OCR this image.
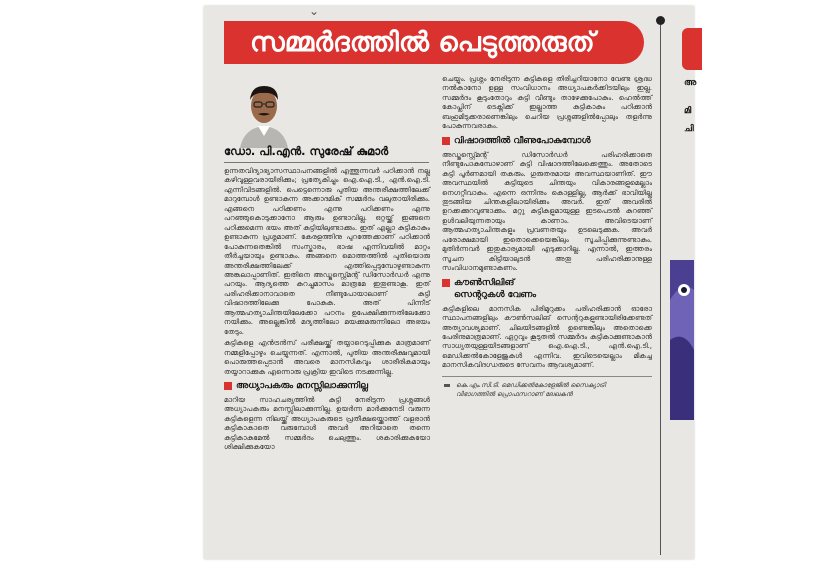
⌄
സമ്മർദത്തിൽ പെടുത്തരുത്
ഡോ. പി.എൻ. സുരേഷ് കുമാർ

ഉന്നതവിദ്യാഭ്യാസസ്ഥാപനങ്ങളിൽ എത്തുന്നവർ പഠിക്കാൻ നല്ല കഴിവുള്ളവരായിരിക്കും; പ്രത്യേകിച്ചും ഐ.ഐ.ടി., എൻ.ഐ.ടി. എന്നിവിടങ്ങളിൽ. പെട്ടെന്നൊരു പുതിയ അന്തരീക്ഷത്തിലേക്ക് മാറുമ്പോൾ ഉണ്ടാകുന്ന അക്കാദമിക് സമ്മർദം വലുതായിരിക്കും. എങ്ങനെ പഠിക്കണം എന്നു പഠിക്കണം എന്നു പറഞ്ഞുകൊടുക്കാനോ ആരും ഉണ്ടാവില്ല. ഒറ്റയ്ക്ക് ഇങ്ങനെ പഠിക്കുമെന്ന ഭയം അത് കുട്ടിയിലുണ്ടാക്കും. ഇത് എല്ലാ കുട്ടികാകും ഉണ്ടാകുന്ന പ്രശ്നമാണ്. കേരളത്തിനു പുറത്തേക്കാണ് പഠിക്കാൻ പോകുന്നതെങ്കിൽ സംസ്കാരം, ഭാഷ എന്നിവയിൽ മാറ്റം തീർച്ചയായും ഉണ്ടാകും. അങ്ങനെ മൊത്തത്തിൽ പുതിയൊരു അന്തരീക്ഷത്തിലേക്ക് എത്തിപ്പെടുമ്പോഴുണ്ടാകുന്ന അങ്കലാപ്പാണിത്. ഇതിനെ അഡ്ജസ്റ്റ്മെന്റ് ഡിസോർഡർ എന്നു പറയും. ആദ്യത്തെ കുറച്ചുമാസം മാത്രമേ ഇതുണ്ടാകൂ. ഇത് പരിഹരിക്കാനാവാതെ നീണ്ടുപോയാലാണ് കുട്ടി വിഷാദത്തിലേക്കു പോകുക. അത് പിന്നീട് ആത്മഹത്യാചിന്തയിലേക്കോ പഠനം ഉപേക്ഷിക്കുന്നതിലേക്കോ നയിക്കും. അല്ലെങ്കിൽ മദ്യത്തിലോ മയക്കുമരുന്നിലോ അഭയം തേടും.

കുട്ടികളെ എൻട്രൻസ് പരീക്ഷയ്ക്ക് തയ്യാറെടുപ്പിക്കുക മാത്രമാണ് നമ്മളിപ്പോഴും ചെയ്യുന്നത്. എന്നാൽ, പുതിയ അന്തരീക്ഷവുമായി പൊരുത്തപ്പെടാൻ അവരെ മാനസികവും ശാരീരികമായും തയ്യാറാക്കുക എന്നൊരു പ്രക്രിയ ഇവിടെ നടക്കുന്നില്ല.

അധ്യാപകരും മനസ്സിലാക്കുന്നില്ല

മാറിയ സാഹചര്യത്തിൽ കുട്ടി നേരിടുന്ന പ്രശ്നങ്ങൾ അധ്യാപകരും മനസ്സിലാക്കുന്നില്ല. ഉയർന്ന മാർക്കുനേടി വരുന്ന കുട്ടികളെന്ന നിലയ്ക്ക് അധ്യാപകരുടെ പ്രതീക്ഷയ്ക്കൊത്ത് വളരാൻ കുട്ടികാകാതെ വരുമ്പോൾ അവർ അറിയാതെ തന്നെ കുട്ടികാകുമേൽ സമ്മർദം ചെലുത്തും. ശകാരിക്കുകയോ ശിക്ഷിക്കുകയോ

ചെയ്യും. പ്രശ്നം നേരിടുന്ന കുട്ടികളെ തിരിച്ചറിയാനോ വേണ്ട ശ്രദ്ധ നൽകാനോ ഉള്ള സംവിധാനം അധ്യാപകർക്കിടയിലും ഇല്ല. സമ്മർദം കൂടുംതോറും കുട്ടി വീണ്ടും താഴേക്കുപോകും. ഹെൽത്ത് കോപ്ലിന് ടെക്നിക്ക് ഇല്ലാത്ത കുട്ടികാകും പഠിക്കാൻ ബഹുമിടുക്കരാണെങ്കിലും ചെറിയ പ്രശ്നങ്ങളിൽപ്പോലും തളർന്നു പോകുന്നവരാകും.

വിഷാദത്തിൽ വീണുപോകുമ്പോൾ

അഡ്ജസ്റ്റ്മെന്റ് ഡിസോർഡർ പരിഹരിക്കാതെ നീണ്ടുപോകുമ്പോഴാണ് കുട്ടി വിഷാദത്തിലേക്കെത്തും. അതോടെ കുട്ടി പൂർണമായി തകരും. ഗുരുതരമായ അവസ്ഥയാണിത്. ഈ അവസ്ഥയിൽ കുട്ടിയുടെ ചിന്തയും വികാരങ്ങളുമെല്ലാം നെഗറ്റീവാകും. എന്നെ ഒന്നിനും കൊള്ളില്ല, ആർക്ക് ഭാവിയില്ല തുടങ്ങിയ ചിന്തകളിലായിരിക്കും അവർ. ഇത് അവരിൽ ഉറക്കക്കുറവുണ്ടാക്കും. മറ്റു കുട്ടികളുമായുള്ള ഇടപെടൽ കുറഞ്ഞ് ഉൾവലിയുന്നതായും കാണാം. അവിടെയാണ് ആത്മഹത്യാചിന്തകളും പ്രവണതയും ഉടലെടുക്കുക. അവർ പരോക്ഷമായി ഇതൊക്കെയെങ്കിലും സൂചിപ്പിക്കുന്നുണ്ടാകും. മുതിർന്നവർ ഇതുകാര്യമായി എടുക്കാറില്ല. എന്നാൽ, ഇത്തരം സൂചന കിട്ടിയാലുടൻ അതു പരിഹരിക്കാനുള്ള സംവിധാനമുണ്ടാകണം.

കൗൺസിലിങ്
സെന്ററുകൾ വേണം

കുട്ടികളിലെ മാനസിക പിരിമുറുക്കം പരിഹരിക്കാൻ ഓരോ സ്ഥാപനങ്ങളിലും കൗൺസലിങ് സെന്ററുകളുണ്ടായിരിക്കേണ്ടത് അത്യാവശ്യമാണ്. ചിലയിടങ്ങളിൽ ഉണ്ടെങ്കിലും അതൊക്കെ പേരിനുമാത്രമാണ്. ഏറ്റവും കൂടുതൽ സമ്മർദം കുട്ടികാക്കുണ്ടാകാൻ സാധ്യതയുള്ളയിടങ്ങളാണ് ഐ.ഐ.ടി., എൻ.ഐ.ടി., മെഡിക്കൽകോളേജുകൾ എന്നിവ. ഇവിടെയെല്ലാം മികച്ച മാനസികവിദഗ്ധരുടെ സേവനം ആവശ്യമാണ്.

കെ.എം.സി.ടി. മെഡിക്കൽകോളേജിൽ സൈക്യാട്രി
വിഭാഗത്തിൽ പ്രൊഫസറാണ് ലേഖകൻ
അ
മി
ചി
